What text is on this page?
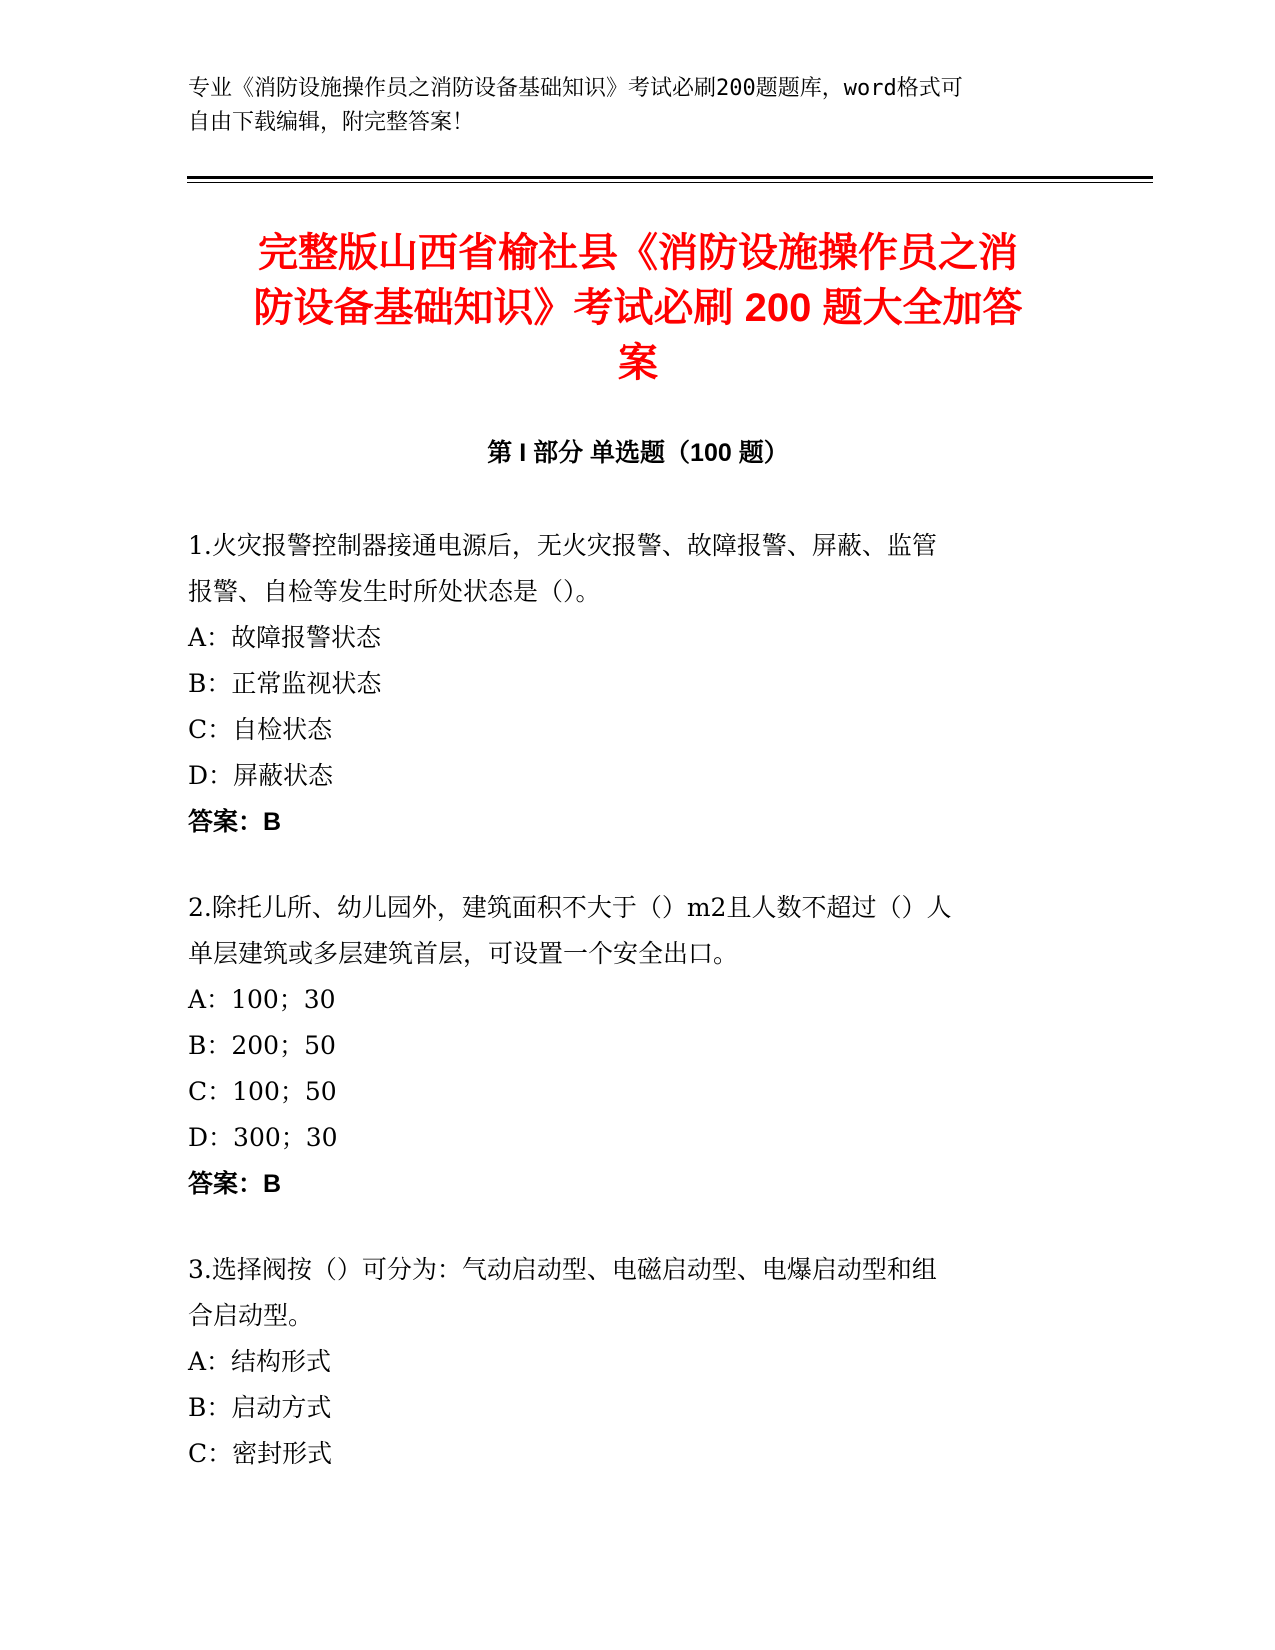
专业《消防设施操作员之消防设备基础知识》考试必刷200题题库，word格式可
自由下载编辑，附完整答案！
完整版山西省榆社县《消防设施操作员之消
防设备基础知识》考试必刷 200 题大全加答
案
第 I 部分 单选题（100 题）
1.火灾报警控制器接通电源后，无火灾报警、故障报警、屏蔽、监管
报警、自检等发生时所处状态是（）。
A：故障报警状态
B：正常监视状态
C：自检状态
D：屏蔽状态
答案：B
2.除托儿所、幼儿园外，建筑面积不大于（）m2且人数不超过（）人
单层建筑或多层建筑首层，可设置一个安全出口。
A：100；30
B：200；50
C：100；50
D：300；30
答案：B
3.选择阀按（）可分为：气动启动型、电磁启动型、电爆启动型和组
合启动型。
A：结构形式
B：启动方式
C：密封形式
